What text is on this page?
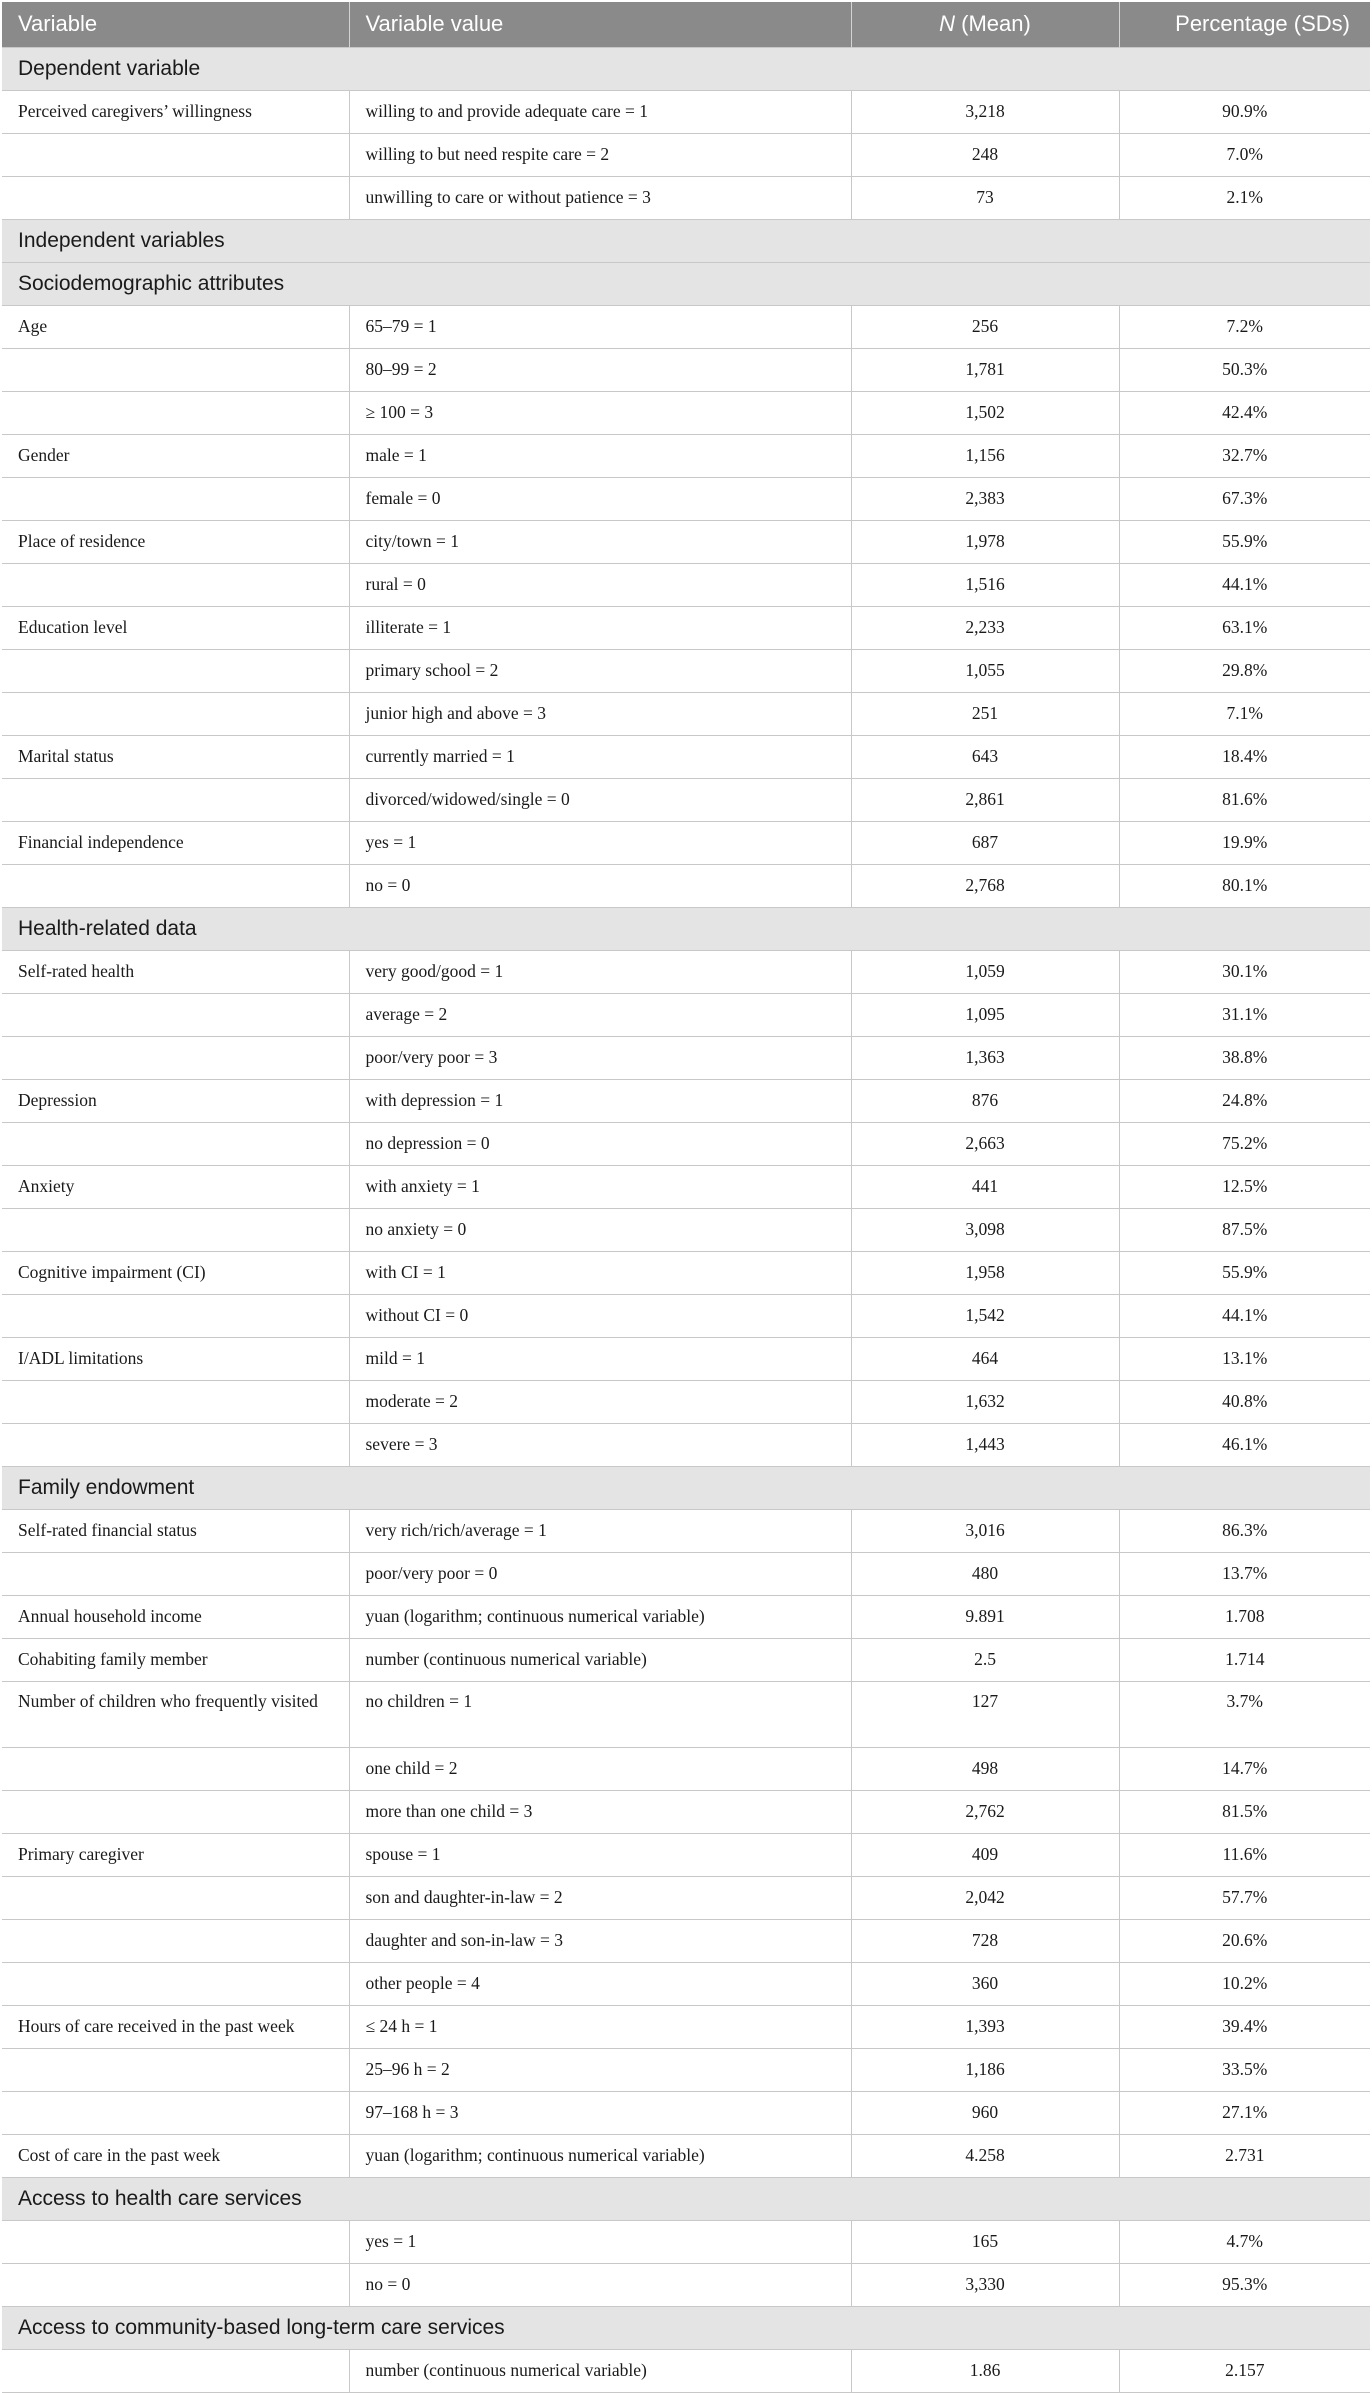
Variable	Variable value	N (Mean)	Percentage (SDs)
Dependent variable			
Perceived caregivers’ willingness	willing to and provide adequate care = 1	3,218	90.9%
	willing to but need respite care = 2	248	7.0%
	unwilling to care or without patience = 3	73	2.1%
Independent variables			
Sociodemographic attributes			
Age	65–79 = 1	256	7.2%
	80–99 = 2	1,781	50.3%
	≥ 100 = 3	1,502	42.4%
Gender	male = 1	1,156	32.7%
	female = 0	2,383	67.3%
Place of residence	city/town = 1	1,978	55.9%
	rural = 0	1,516	44.1%
Education level	illiterate = 1	2,233	63.1%
	primary school = 2	1,055	29.8%
	junior high and above = 3	251	7.1%
Marital status	currently married = 1	643	18.4%
	divorced/widowed/single = 0	2,861	81.6%
Financial independence	yes = 1	687	19.9%
	no = 0	2,768	80.1%
Health-related data			
Self-rated health	very good/good = 1	1,059	30.1%
	average = 2	1,095	31.1%
	poor/very poor = 3	1,363	38.8%
Depression	with depression = 1	876	24.8%
	no depression = 0	2,663	75.2%
Anxiety	with anxiety = 1	441	12.5%
	no anxiety = 0	3,098	87.5%
Cognitive impairment (CI)	with CI = 1	1,958	55.9%
	without CI = 0	1,542	44.1%
I/ADL limitations	mild = 1	464	13.1%
	moderate = 2	1,632	40.8%
	severe = 3	1,443	46.1%
Family endowment			
Self-rated financial status	very rich/rich/average = 1	3,016	86.3%
	poor/very poor = 0	480	13.7%
Annual household income	yuan (logarithm; continuous numerical variable)	9.891	1.708
Cohabiting family member	number (continuous numerical variable)	2.5	1.714
Number of children who frequently visited	no children = 1	127	3.7%
	one child = 2	498	14.7%
	more than one child = 3	2,762	81.5%
Primary caregiver	spouse = 1	409	11.6%
	son and daughter-in-law = 2	2,042	57.7%
	daughter and son-in-law = 3	728	20.6%
	other people = 4	360	10.2%
Hours of care received in the past week	≤ 24 h = 1	1,393	39.4%
	25–96 h = 2	1,186	33.5%
	97–168 h = 3	960	27.1%
Cost of care in the past week	yuan (logarithm; continuous numerical variable)	4.258	2.731
Access to health care services			
	yes = 1	165	4.7%
	no = 0	3,330	95.3%
Access to community-based long-term care services			
	number (continuous numerical variable)	1.86	2.157
